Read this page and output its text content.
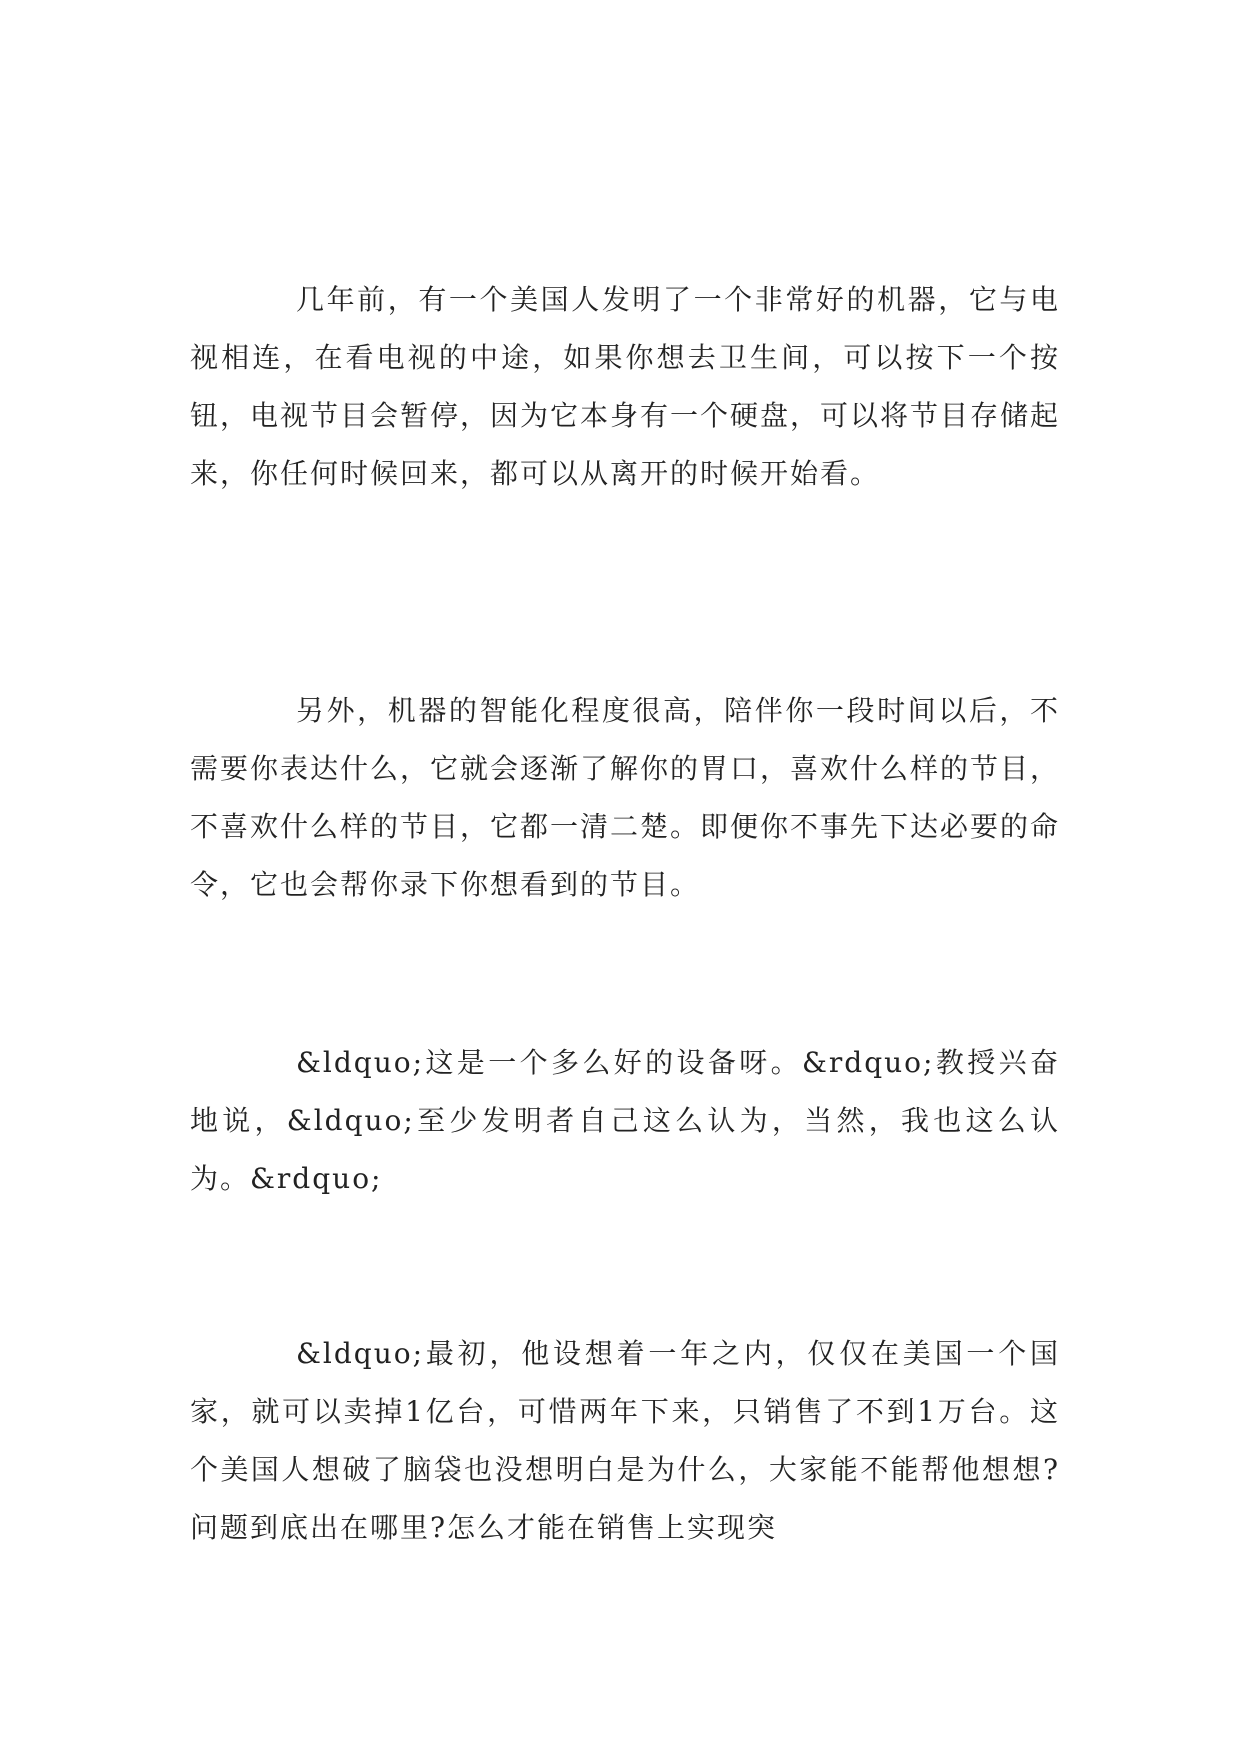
几年前，有一个美国人发明了一个非常好的机器，它与电视相连，在看电视的中途，如果你想去卫生间，可以按下一个按钮，电视节目会暂停，因为它本身有一个硬盘，可以将节目存储起来，你任何时候回来，都可以从离开的时候开始看。

另外，机器的智能化程度很高，陪伴你一段时间以后，不需要你表达什么，它就会逐渐了解你的胃口，喜欢什么样的节目，不喜欢什么样的节目，它都一清二楚。即便你不事先下达必要的命令，它也会帮你录下你想看到的节目。

&ldquo;这是一个多么好的设备呀。&rdquo;教授兴奋地说，&ldquo;至少发明者自己这么认为，当然，我也这么认为。&rdquo;

&ldquo;最初，他设想着一年之内，仅仅在美国一个国家，就可以卖掉1亿台，可惜两年下来，只销售了不到1万台。这个美国人想破了脑袋也没想明白是为什么，大家能不能帮他想想?问题到底出在哪里?怎么才能在销售上实现突
